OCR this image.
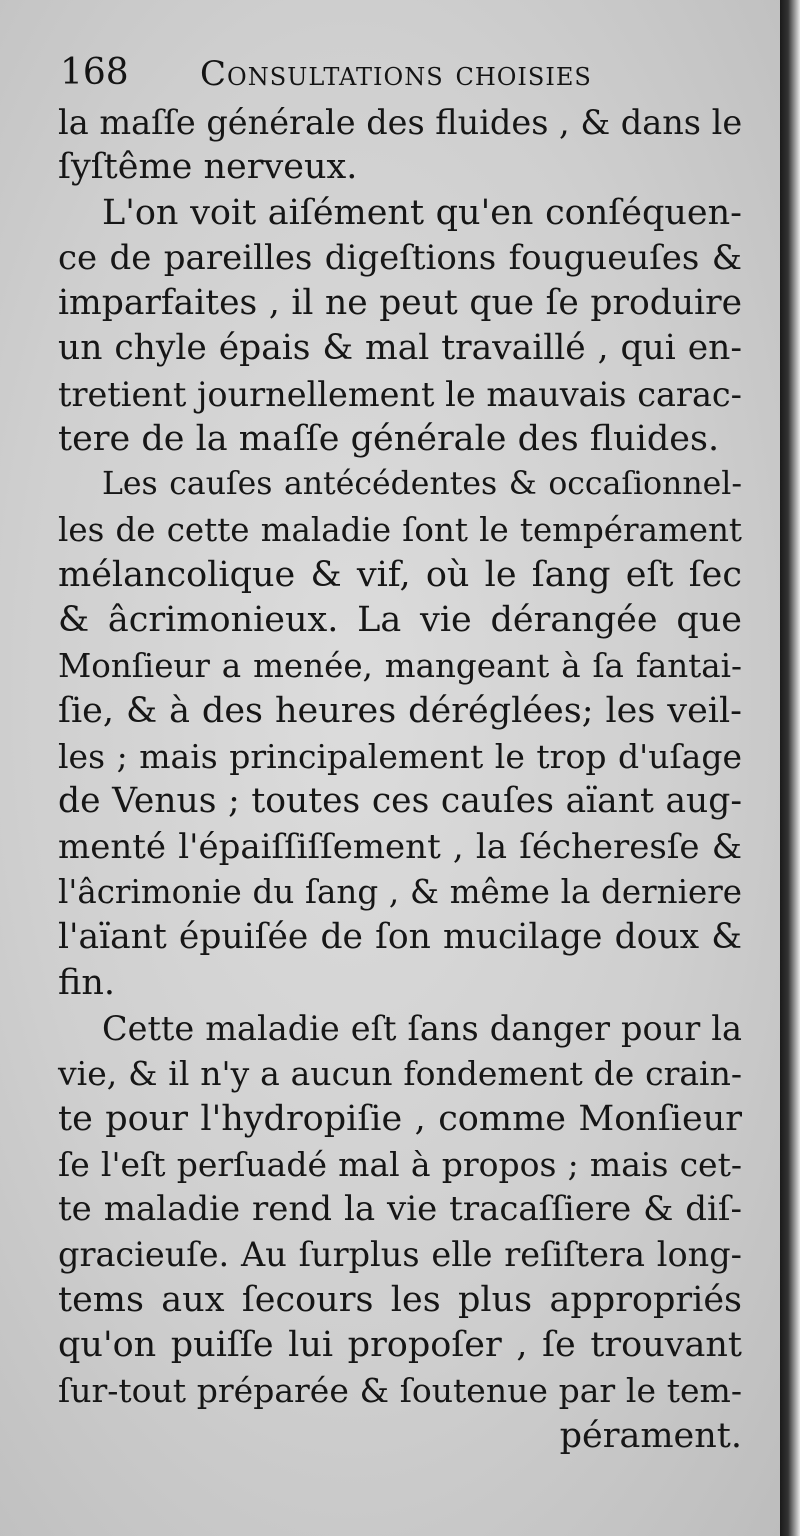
168 Consultations choisies
la maſſe générale des fluides , & dans le
ſyſtême nerveux.
L'on voit aiſément qu'en conſéquen-
ce de pareilles digeſtions fougueuſes &
imparfaites , il ne peut que ſe produire
un chyle épais & mal travaillé , qui en-
tretient journellement le mauvais carac-
tere de la maſſe générale des fluides.
Les cauſes antécédentes & occaſionnel-
les de cette maladie ſont le tempérament
mélancolique & vif, où le ſang eſt ſec
& âcrimonieux. La vie dérangée que
Monſieur a menée, mangeant à ſa fantai-
ſie, & à des heures déréglées; les veil-
les ; mais principalement le trop d'uſage
de Venus ; toutes ces cauſes aïant aug-
menté l'épaiſſiſſement , la ſécheresſe &
l'âcrimonie du ſang , & même la derniere
l'aïant épuiſée de ſon mucilage doux &
fin.
Cette maladie eſt ſans danger pour la
vie, & il n'y a aucun fondement de crain-
te pour l'hydropiſie , comme Monſieur
ſe l'eſt perſuadé mal à propos ; mais cet-
te maladie rend la vie tracaſſiere & diſ-
gracieuſe. Au ſurplus elle reſiſtera long-
tems aux ſecours les plus appropriés
qu'on puiſſe lui propoſer , ſe trouvant
ſur-tout préparée & ſoutenue par le tem-
pérament.
